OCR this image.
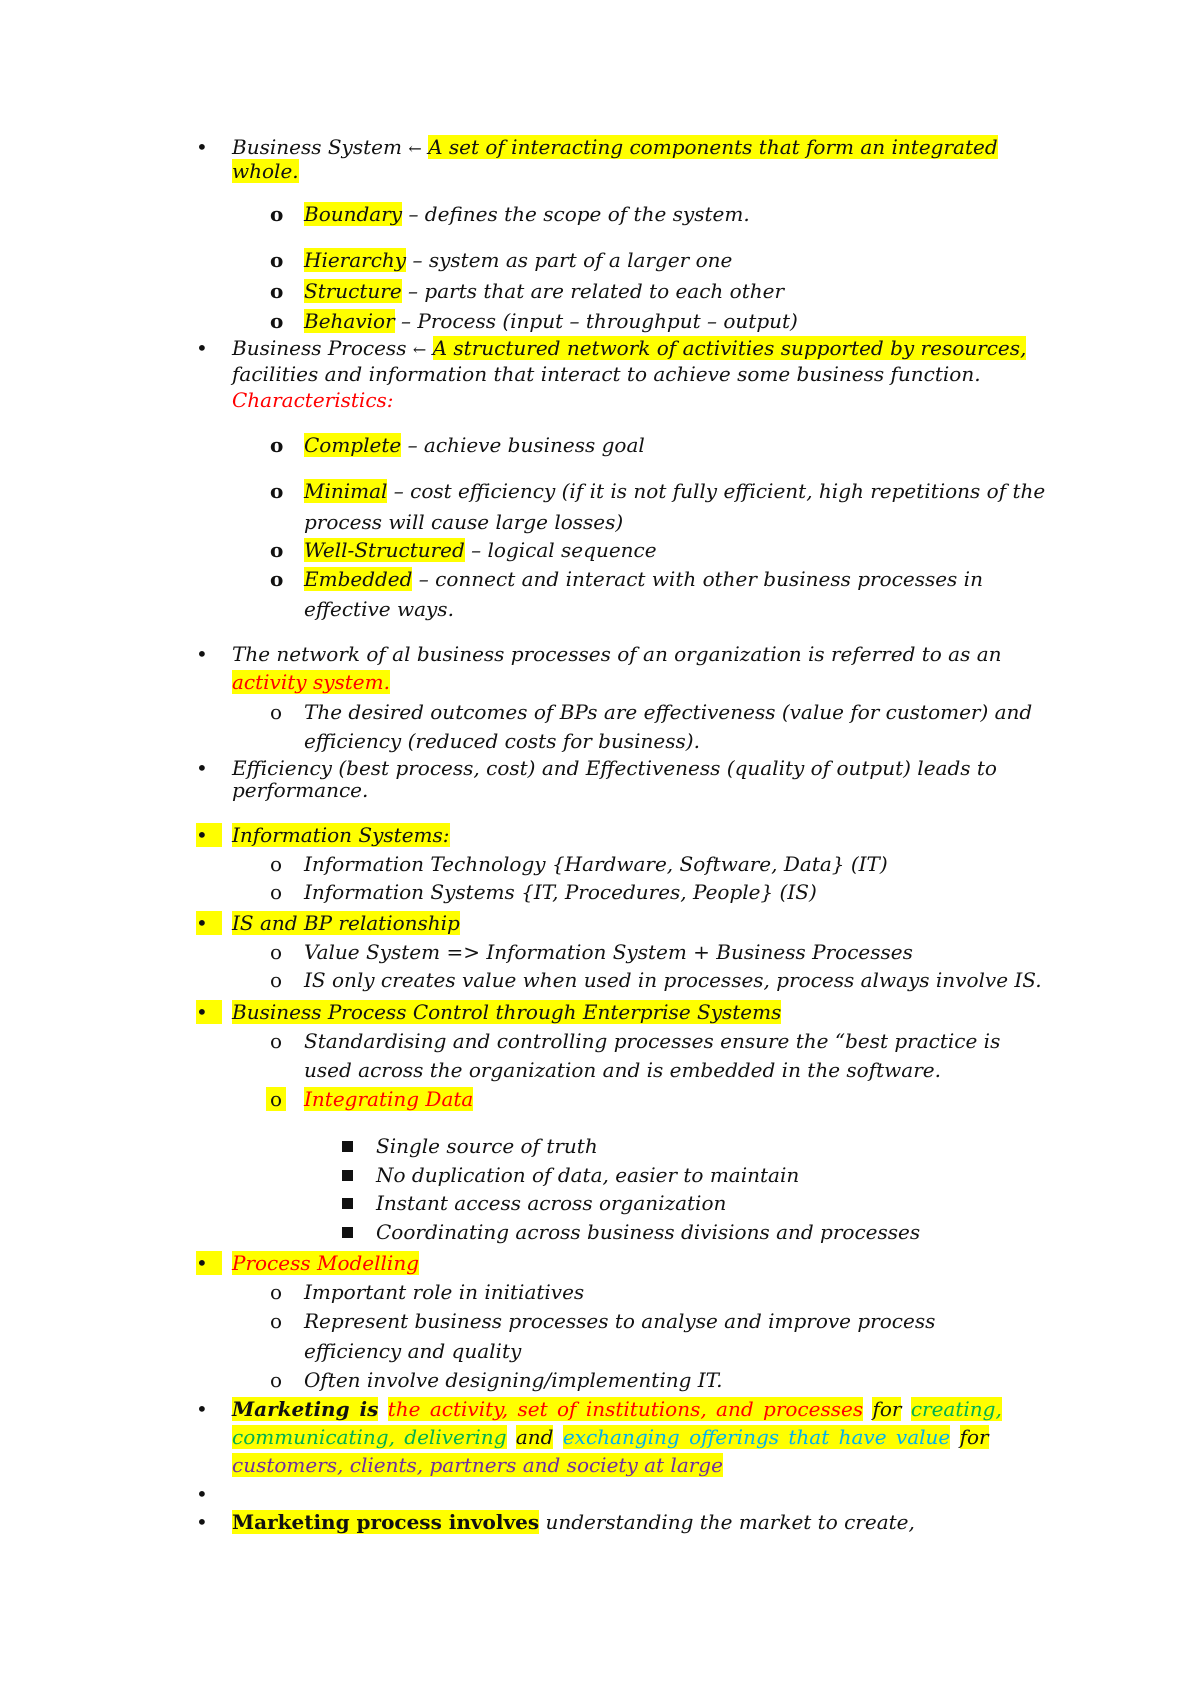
• Business System ← A set of interacting components that form an integrated
whole.
o Boundary – defines the scope of the system.
o Hierarchy – system as part of a larger one
o Structure – parts that are related to each other
o Behavior – Process (input – throughput – output)
• Business Process ← A structured network of activities supported by resources,
facilities and information that interact to achieve some business function.
Characteristics:
o Complete – achieve business goal
o Minimal – cost efficiency (if it is not fully efficient, high repetitions of the
process will cause large losses)
o Well-Structured – logical sequence
o Embedded – connect and interact with other business processes in
effective ways.
• The network of al business processes of an organization is referred to as an
activity system.
o The desired outcomes of BPs are effectiveness (value for customer) and
efficiency (reduced costs for business).
• Efficiency (best process, cost) and Effectiveness (quality of output) leads to
performance.
•	Information Systems:
o Information Technology {Hardware, Software, Data} (IT)
o Information Systems {IT, Procedures, People} (IS)
•	IS and BP relationship
o Value System => Information System + Business Processes
o IS only creates value when used in processes, process always involve IS.
•	Business Process Control through Enterprise Systems
o Standardising and controlling processes ensure the “best practice is
used across the organization and is embedded in the software.
o Integrating Data
Single source of truth
No duplication of data, easier to maintain
Instant access across organization
Coordinating across business divisions and processes
•	Process Modelling
o Important role in initiatives
o Represent business processes to analyse and improve process
efficiency and quality
o Often involve designing/implementing IT.
• Marketing is the activity, set of institutions, and processes for creating,
communicating, delivering and exchanging offerings that have value for
customers, clients, partners and society at large
•
• Marketing process involves understanding the market to create,
